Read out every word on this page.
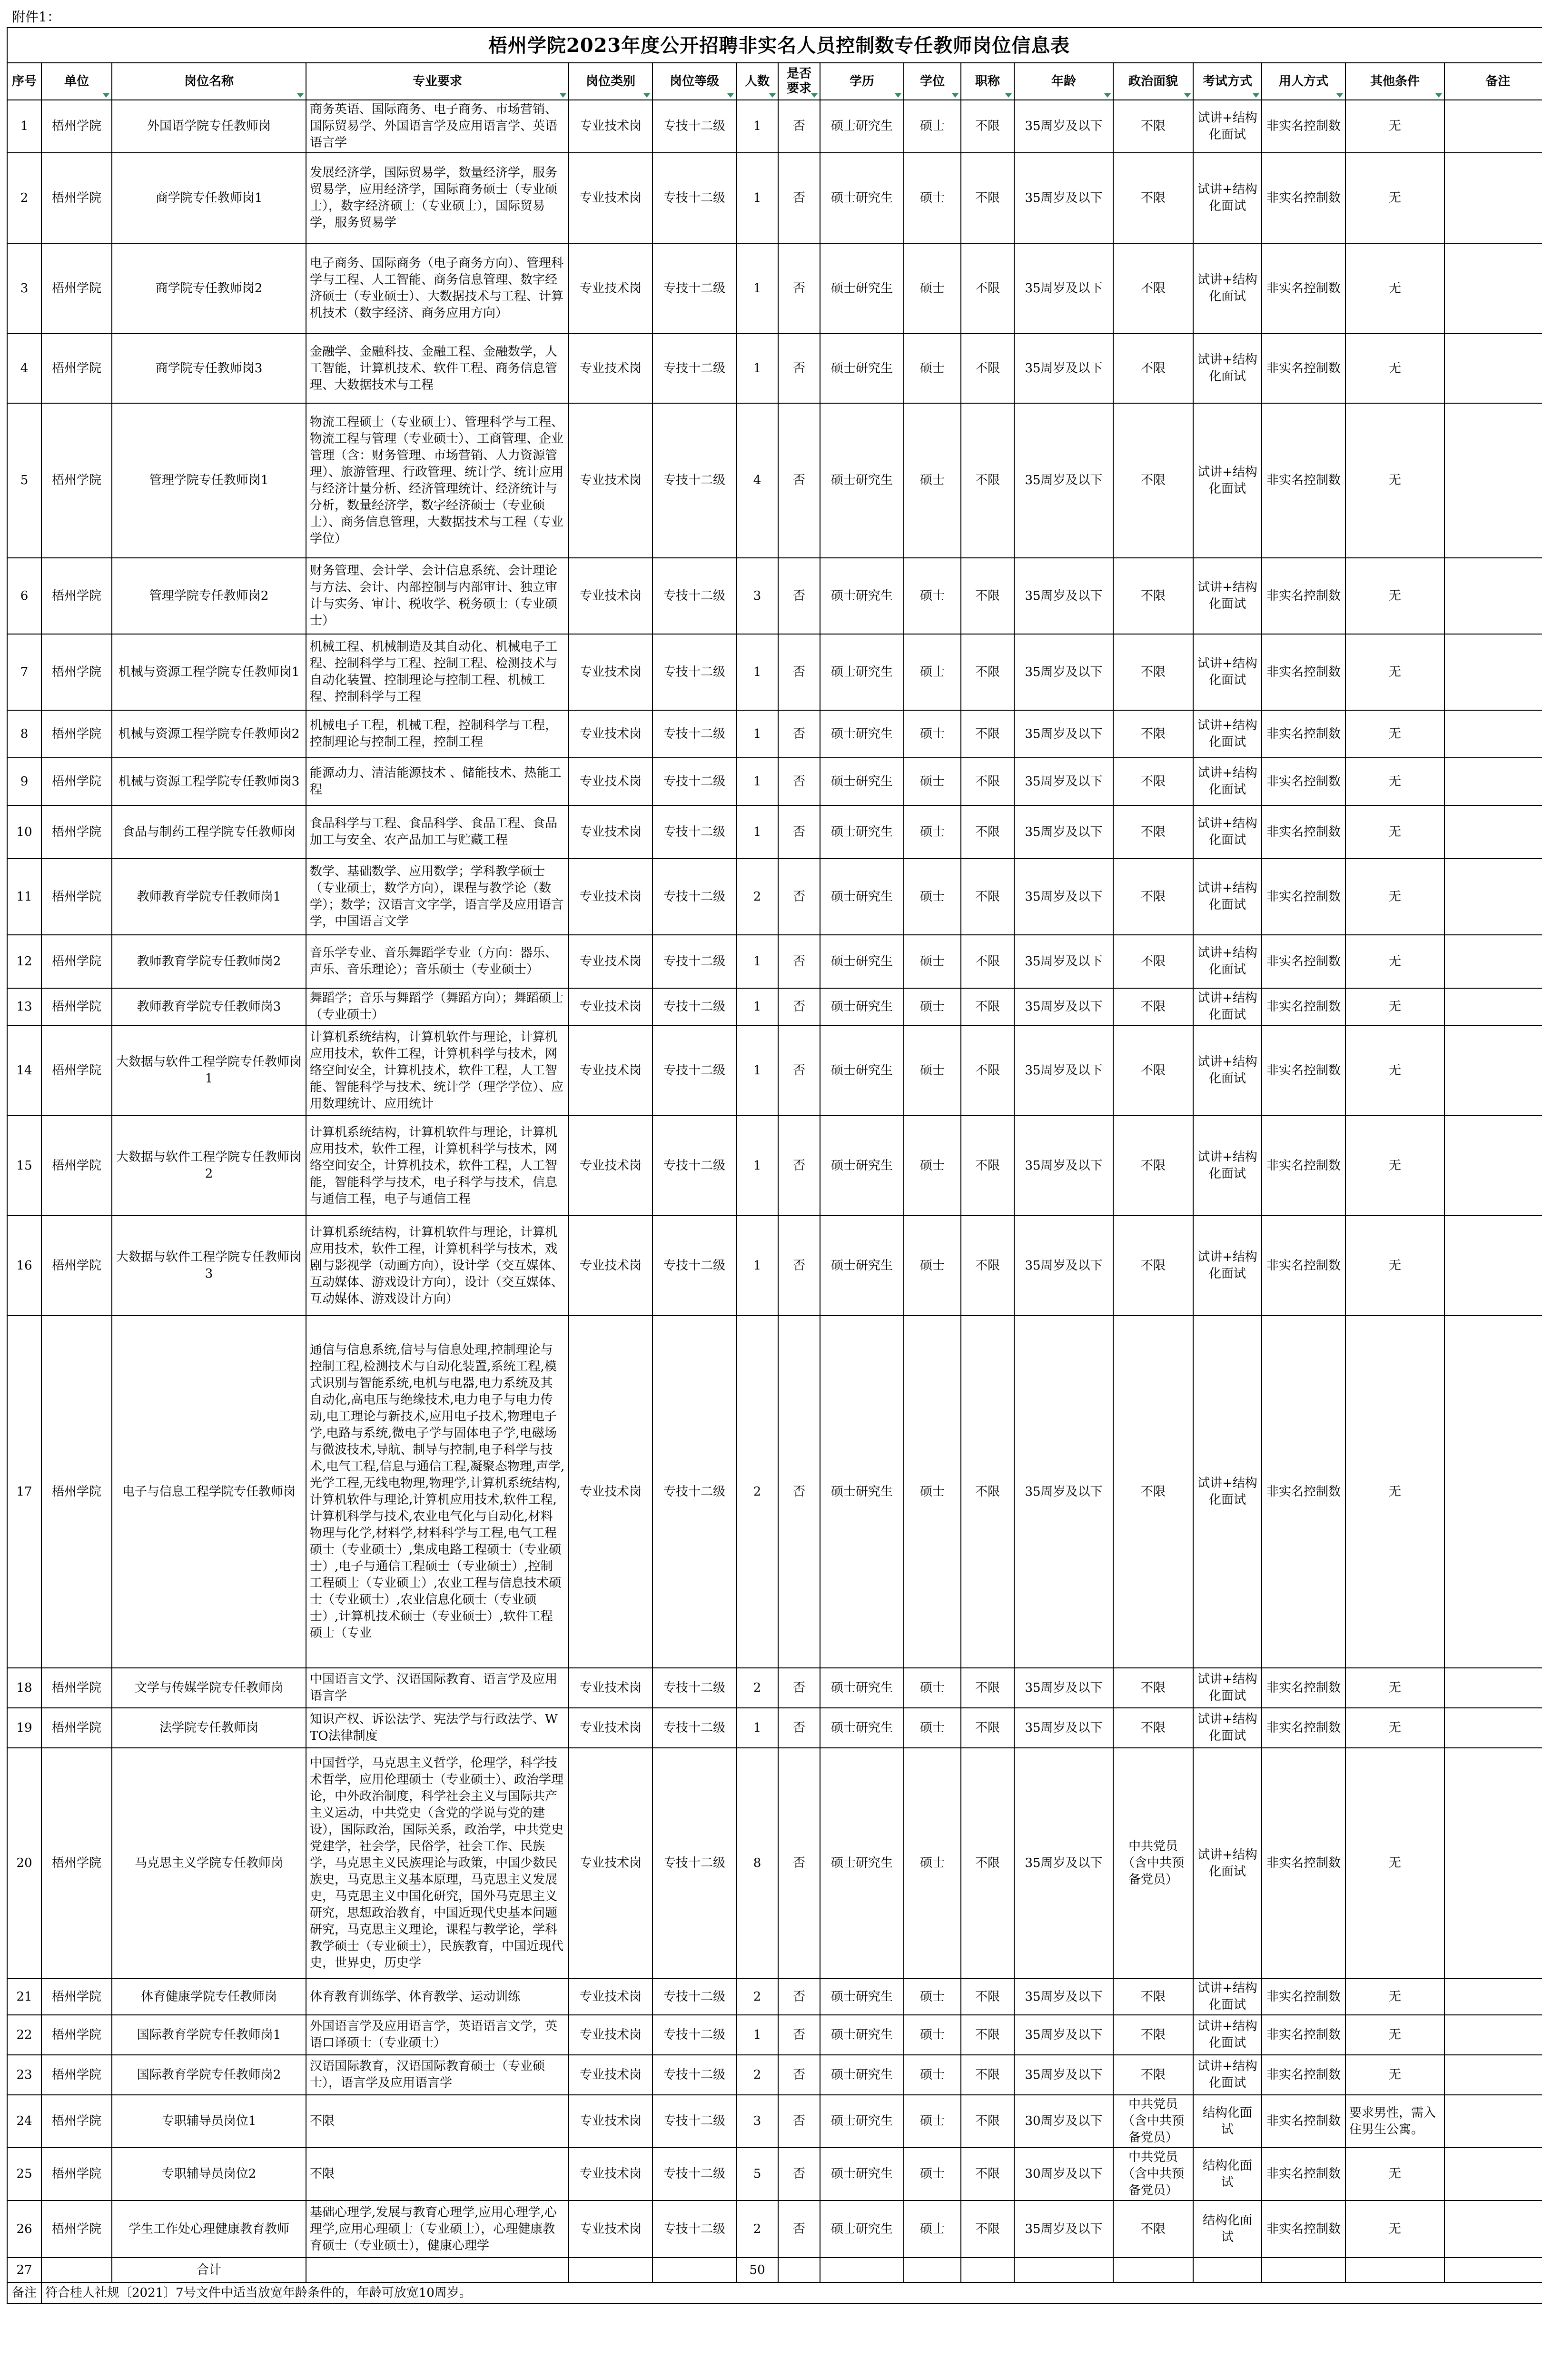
附件1：																
梧州学院2023年度公开招聘非实名人员控制数专任教师岗位信息表																

序号	单位	岗位名称	专业要求	岗位类别	岗位等级	人数	是否要求	学历	学位	职称	年龄	政治面貌	考试方式	用人方式	其他条件	备注

1	梧州学院	外国语学院专任教师岗	商务英语、国际商务、电子商务、市场营销、国际贸易学、外国语言学及应用语言学、英语语言学	专业技术岗	专技十二级	1	否	硕士研究生	硕士	不限	35周岁及以下	不限	试讲+结构化面试	非实名控制数	无	
2	梧州学院	商学院专任教师岗1	发展经济学，国际贸易学，数量经济学，服务贸易学，应用经济学，国际商务硕士（专业硕士），数字经济硕士（专业硕士），国际贸易学，服务贸易学	专业技术岗	专技十二级	1	否	硕士研究生	硕士	不限	35周岁及以下	不限	试讲+结构化面试	非实名控制数	无	
3	梧州学院	商学院专任教师岗2	电子商务、国际商务（电子商务方向）、管理科学与工程、人工智能、商务信息管理、数字经济硕士（专业硕士）、大数据技术与工程、计算机技术（数字经济、商务应用方向）	专业技术岗	专技十二级	1	否	硕士研究生	硕士	不限	35周岁及以下	不限	试讲+结构化面试	非实名控制数	无	
4	梧州学院	商学院专任教师岗3	金融学、金融科技、金融工程、金融数学，人工智能，计算机技术、软件工程、商务信息管理、大数据技术与工程	专业技术岗	专技十二级	1	否	硕士研究生	硕士	不限	35周岁及以下	不限	试讲+结构化面试	非实名控制数	无	
5	梧州学院	管理学院专任教师岗1	物流工程硕士（专业硕士）、管理科学与工程、物流工程与管理（专业硕士）、工商管理、企业管理（含：财务管理、市场营销、人力资源管理）、旅游管理、行政管理、统计学、统计应用与经济计量分析、经济管理统计、经济统计与分析，数量经济学，数字经济硕士（专业硕士）、商务信息管理，大数据技术与工程（专业学位）	专业技术岗	专技十二级	4	否	硕士研究生	硕士	不限	35周岁及以下	不限	试讲+结构化面试	非实名控制数	无	
6	梧州学院	管理学院专任教师岗2	财务管理、会计学、会计信息系统、会计理论与方法、会计、内部控制与内部审计、独立审计与实务、审计、税收学、税务硕士（专业硕士）	专业技术岗	专技十二级	3	否	硕士研究生	硕士	不限	35周岁及以下	不限	试讲+结构化面试	非实名控制数	无	
7	梧州学院	机械与资源工程学院专任教师岗1	机械工程、机械制造及其自动化、机械电子工程、控制科学与工程、控制工程、检测技术与自动化装置、控制理论与控制工程、机械工程、控制科学与工程	专业技术岗	专技十二级	1	否	硕士研究生	硕士	不限	35周岁及以下	不限	试讲+结构化面试	非实名控制数	无	
8	梧州学院	机械与资源工程学院专任教师岗2	机械电子工程，机械工程，控制科学与工程，控制理论与控制工程，控制工程	专业技术岗	专技十二级	1	否	硕士研究生	硕士	不限	35周岁及以下	不限	试讲+结构化面试	非实名控制数	无	
9	梧州学院	机械与资源工程学院专任教师岗3	能源动力、清洁能源技术 、储能技术、热能工程	专业技术岗	专技十二级	1	否	硕士研究生	硕士	不限	35周岁及以下	不限	试讲+结构化面试	非实名控制数	无	
10	梧州学院	食品与制药工程学院专任教师岗	食品科学与工程、食品科学、食品工程、食品加工与安全、农产品加工与贮藏工程	专业技术岗	专技十二级	1	否	硕士研究生	硕士	不限	35周岁及以下	不限	试讲+结构化面试	非实名控制数	无	
11	梧州学院	教师教育学院专任教师岗1	数学、基础数学、应用数学；学科教学硕士（专业硕士，数学方向），课程与教学论（数学）；数学；汉语言文字学，语言学及应用语言学，中国语言文学	专业技术岗	专技十二级	2	否	硕士研究生	硕士	不限	35周岁及以下	不限	试讲+结构化面试	非实名控制数	无	
12	梧州学院	教师教育学院专任教师岗2	音乐学专业、音乐舞蹈学专业（方向：器乐、声乐、音乐理论）；音乐硕士（专业硕士）	专业技术岗	专技十二级	1	否	硕士研究生	硕士	不限	35周岁及以下	不限	试讲+结构化面试	非实名控制数	无	
13	梧州学院	教师教育学院专任教师岗3	舞蹈学；音乐与舞蹈学（舞蹈方向）；舞蹈硕士（专业硕士）	专业技术岗	专技十二级	1	否	硕士研究生	硕士	不限	35周岁及以下	不限	试讲+结构化面试	非实名控制数	无	
14	梧州学院	大数据与软件工程学院专任教师岗1	计算机系统结构，计算机软件与理论，计算机应用技术，软件工程，计算机科学与技术，网络空间安全，计算机技术，软件工程，人工智能、智能科学与技术、统计学（理学学位）、应用数理统计、应用统计	专业技术岗	专技十二级	1	否	硕士研究生	硕士	不限	35周岁及以下	不限	试讲+结构化面试	非实名控制数	无	
15	梧州学院	大数据与软件工程学院专任教师岗2	计算机系统结构，计算机软件与理论，计算机应用技术，软件工程，计算机科学与技术，网络空间安全，计算机技术，软件工程，人工智能，智能科学与技术，电子科学与技术，信息与通信工程，电子与通信工程	专业技术岗	专技十二级	1	否	硕士研究生	硕士	不限	35周岁及以下	不限	试讲+结构化面试	非实名控制数	无	
16	梧州学院	大数据与软件工程学院专任教师岗3	计算机系统结构，计算机软件与理论，计算机应用技术，软件工程，计算机科学与技术，戏剧与影视学（动画方向），设计学（交互媒体、互动媒体、游戏设计方向），设计（交互媒体、互动媒体、游戏设计方向）	专业技术岗	专技十二级	1	否	硕士研究生	硕士	不限	35周岁及以下	不限	试讲+结构化面试	非实名控制数	无	
17	梧州学院	电子与信息工程学院专任教师岗	通信与信息系统,信号与信息处理,控制理论与控制工程,检测技术与自动化装置,系统工程,模式识别与智能系统,电机与电器,电力系统及其自动化,高电压与绝缘技术,电力电子与电力传动,电工理论与新技术,应用电子技术,物理电子学,电路与系统,微电子学与固体电子学,电磁场与微波技术,导航、制导与控制,电子科学与技术,电气工程,信息与通信工程,凝聚态物理,声学,光学工程,无线电物理,物理学,计算机系统结构,计算机软件与理论,计算机应用技术,软件工程,计算机科学与技术,农业电气化与自动化,材料物理与化学,材料学,材料科学与工程,电气工程硕士（专业硕士）,集成电路工程硕士（专业硕士）,电子与通信工程硕士（专业硕士）,控制工程硕士（专业硕士）,农业工程与信息技术硕士（专业硕士）,农业信息化硕士（专业硕士）,计算机技术硕士（专业硕士）,软件工程硕士（专业	专业技术岗	专技十二级	2	否	硕士研究生	硕士	不限	35周岁及以下	不限	试讲+结构化面试	非实名控制数	无	
18	梧州学院	文学与传媒学院专任教师岗	中国语言文学、汉语国际教育、语言学及应用语言学	专业技术岗	专技十二级	2	否	硕士研究生	硕士	不限	35周岁及以下	不限	试讲+结构化面试	非实名控制数	无	
19	梧州学院	法学院专任教师岗	知识产权、诉讼法学、宪法学与行政法学、WTO法律制度	专业技术岗	专技十二级	1	否	硕士研究生	硕士	不限	35周岁及以下	不限	试讲+结构化面试	非实名控制数	无	
20	梧州学院	马克思主义学院专任教师岗	中国哲学，马克思主义哲学，伦理学，科学技术哲学，应用伦理硕士（专业硕士）、政治学理论，中外政治制度，科学社会主义与国际共产主义运动，中共党史（含党的学说与党的建设），国际政治，国际关系，政治学，中共党史党建学，社会学，民俗学，社会工作、民族学，马克思主义民族理论与政策，中国少数民族史，马克思主义基本原理，马克思主义发展史，马克思主义中国化研究，国外马克思主义研究，思想政治教育，中国近现代史基本问题研究，马克思主义理论，课程与教学论，学科教学硕士（专业硕士），民族教育，中国近现代史，世界史，历史学	专业技术岗	专技十二级	8	否	硕士研究生	硕士	不限	35周岁及以下	中共党员（含中共预备党员）	试讲+结构化面试	非实名控制数	无	
21	梧州学院	体育健康学院专任教师岗	体育教育训练学、体育教学、运动训练	专业技术岗	专技十二级	2	否	硕士研究生	硕士	不限	35周岁及以下	不限	试讲+结构化面试	非实名控制数	无	
22	梧州学院	国际教育学院专任教师岗1	外国语言学及应用语言学，英语语言文学，英语口译硕士（专业硕士）	专业技术岗	专技十二级	1	否	硕士研究生	硕士	不限	35周岁及以下	不限	试讲+结构化面试	非实名控制数	无	
23	梧州学院	国际教育学院专任教师岗2	汉语国际教育，汉语国际教育硕士（专业硕士），语言学及应用语言学	专业技术岗	专技十二级	2	否	硕士研究生	硕士	不限	35周岁及以下	不限	试讲+结构化面试	非实名控制数	无	
24	梧州学院	专职辅导员岗位1	不限	专业技术岗	专技十二级	3	否	硕士研究生	硕士	不限	30周岁及以下	中共党员（含中共预备党员）	结构化面试	非实名控制数	要求男性，需入住男生公寓。	
25	梧州学院	专职辅导员岗位2	不限	专业技术岗	专技十二级	5	否	硕士研究生	硕士	不限	30周岁及以下	中共党员（含中共预备党员）	结构化面试	非实名控制数	无	
26	梧州学院	学生工作处心理健康教育教师	基础心理学,发展与教育心理学,应用心理学,心理学,应用心理硕士（专业硕士），心理健康教育硕士（专业硕士），健康心理学	专业技术岗	专技十二级	2	否	硕士研究生	硕士	不限	35周岁及以下	不限	结构化面试	非实名控制数	无	
27		合计				50										
备注	符合桂人社规〔2021〕7号文件中适当放宽年龄条件的，年龄可放宽10周岁。															
